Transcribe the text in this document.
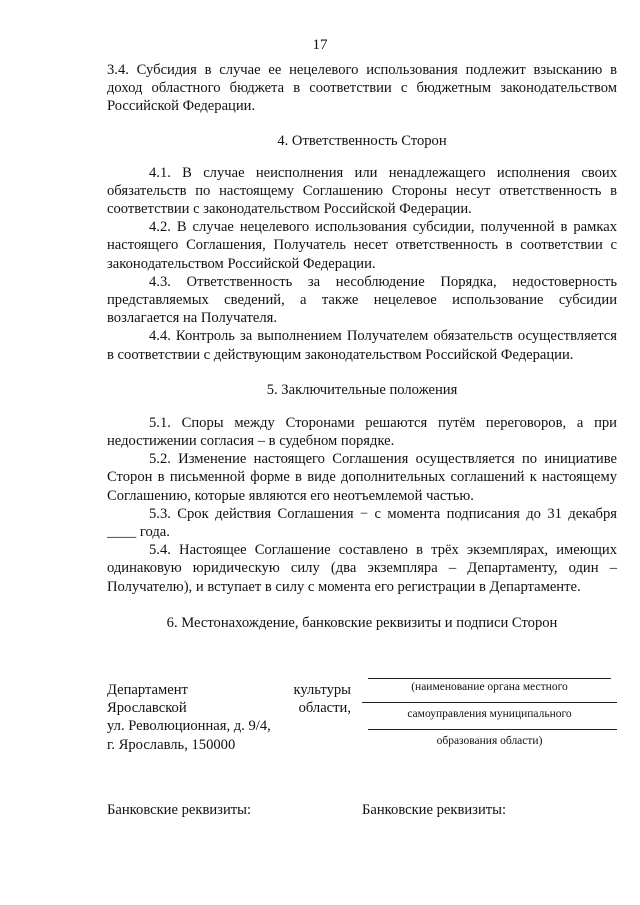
17

3.4. Субсидия в случае ее нецелевого использования подлежит взысканию в доход областного бюджета в соответствии с бюджетным законодательством Российской Федерации.

4. Ответственность Сторон

4.1. В случае неисполнения или ненадлежащего исполнения своих обязательств по настоящему Соглашению Стороны несут ответственность в соответствии с законодательством Российской Федерации.

4.2. В случае нецелевого использования субсидии, полученной в рамках настоящего Соглашения, Получатель несет ответственность в соответствии с законодательством Российской Федерации.

4.3. Ответственность за несоблюдение Порядка, недостоверность представляемых сведений, а также нецелевое использование субсидии возлагается на Получателя.

4.4. Контроль за выполнением Получателем обязательств осуществляется в соответствии с действующим законодательством Российской Федерации.

5. Заключительные положения

5.1. Споры между Сторонами решаются путём переговоров, а при недостижении согласия – в судебном порядке.

5.2. Изменение настоящего Соглашения осуществляется по инициативе Сторон в письменной форме в виде дополнительных соглашений к настоящему Соглашению, которые являются его неотъемлемой частью.

5.3. Срок действия Соглашения − с момента подписания до 31 декабря ____ года.

5.4. Настоящее Соглашение составлено в трёх экземплярах, имеющих одинаковую юридическую силу (два экземпляра – Департаменту, один – Получателю), и вступает в силу с момента его регистрации в Департаменте.

6. Местонахождение, банковские реквизиты и подписи Сторон
Департамент	культуры
Ярославской	области,
ул. Революционная, д. 9/4,
г. Ярославль, 150000
(наименование органа местного
самоуправления муниципального
образования области)
Банковские реквизиты:	Банковские реквизиты:
